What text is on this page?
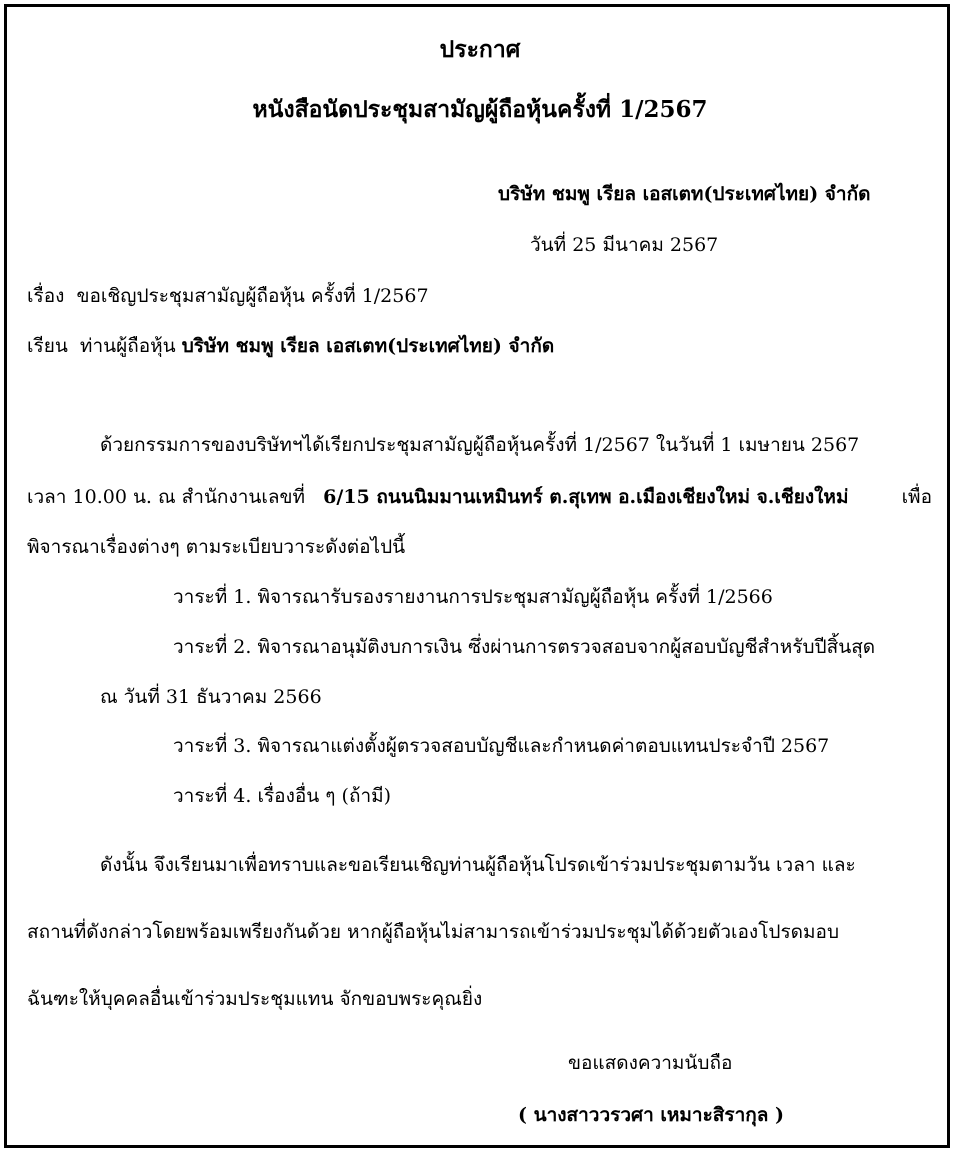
ประกาศ
หนังสือนัดประชุมสามัญผู้ถือหุ้นครั้งที่ 1/2567
บริษัท ชมพู เรียล เอสเตท(ประเทศไทย) จำกัด
วันที่ 25 มีนาคม 2567
เรื่อง ขอเชิญประชุมสามัญผู้ถือหุ้น ครั้งที่ 1/2567
เรียน ท่านผู้ถือหุ้น บริษัท ชมพู เรียล เอสเตท(ประเทศไทย) จำกัด
ด้วยกรรมการของบริษัทฯได้เรียกประชุมสามัญผู้ถือหุ้นครั้งที่ 1/2567 ในวันที่ 1 เมษายน 2567
เวลา 10.00 น. ณ สำนักงานเลขที่ 6/15 ถนนนิมมานเหมินทร์ ต.สุเทพ อ.เมืองเชียงใหม่ จ.เชียงใหม่	เพื่อ
พิจารณาเรื่องต่างๆ ตามระเบียบวาระดังต่อไปนี้
วาระที่ 1. พิจารณารับรองรายงานการประชุมสามัญผู้ถือหุ้น ครั้งที่ 1/2566
วาระที่ 2. พิจารณาอนุมัติงบการเงิน ซึ่งผ่านการตรวจสอบจากผู้สอบบัญชีสำหรับปีสิ้นสุด
ณ วันที่ 31 ธันวาคม 2566
วาระที่ 3. พิจารณาแต่งตั้งผู้ตรวจสอบบัญชีและกำหนดค่าตอบแทนประจำปี 2567
วาระที่ 4. เรื่องอื่น ๆ (ถ้ามี)
ดังนั้น จึงเรียนมาเพื่อทราบและขอเรียนเชิญท่านผู้ถือหุ้นโปรดเข้าร่วมประชุมตามวัน เวลา และ
สถานที่ดังกล่าวโดยพร้อมเพรียงกันด้วย หากผู้ถือหุ้นไม่สามารถเข้าร่วมประชุมได้ด้วยตัวเองโปรดมอบ
ฉันฑะให้บุคคลอื่นเข้าร่วมประชุมแทน จักขอบพระคุณยิ่ง
ขอแสดงความนับถือ
( นางสาววรวศา เหมาะสิรากุล )
